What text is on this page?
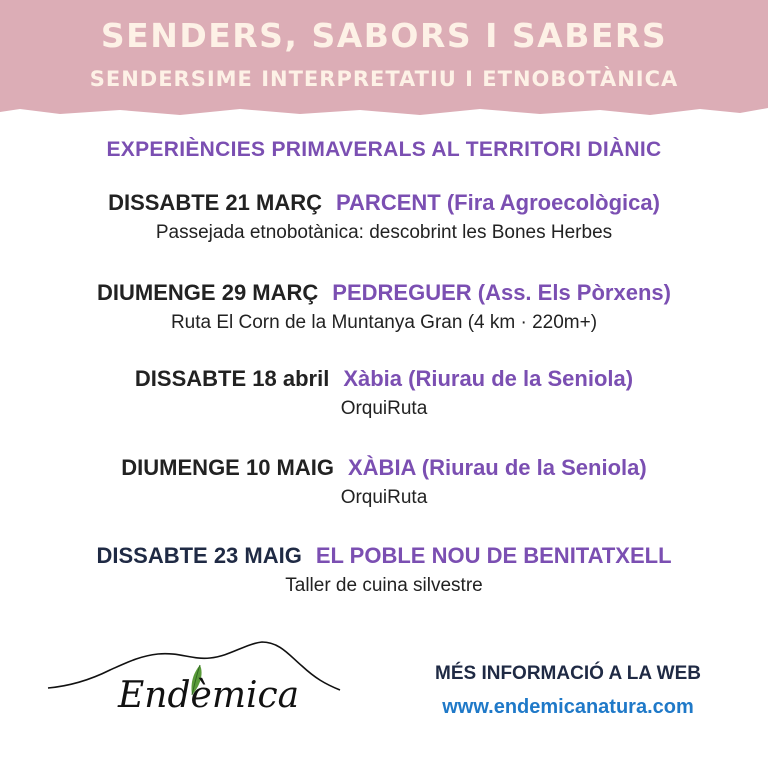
SENDERS, SABORS I SABERS
SENDERSIME INTERPRETATIU I ETNOBOTÀNICA
EXPERIÈNCIES PRIMAVERALS AL TERRITORI DIÀNIC
DISSABTE 21 MARÇ PARCENT (Fira Agroecològica)
Passejada etnobotànica: descobrint les Bones Herbes
DIUMENGE 29 MARÇ PEDREGUER (Ass. Els Pòrxens)
Ruta El Corn de la Muntanya Gran (4 km · 220m+)
DISSABTE 18 abril Xàbia (Riurau de la Seniola)
OrquiRuta
DIUMENGE 10 MAIG XÀBIA (Riurau de la Seniola)
OrquiRuta
DISSABTE 23 MAIG EL POBLE NOU DE BENITATXELL
Taller de cuina silvestre
Endèmica
MÉS INFORMACIÓ A LA WEB
www.endemicanatura.com
